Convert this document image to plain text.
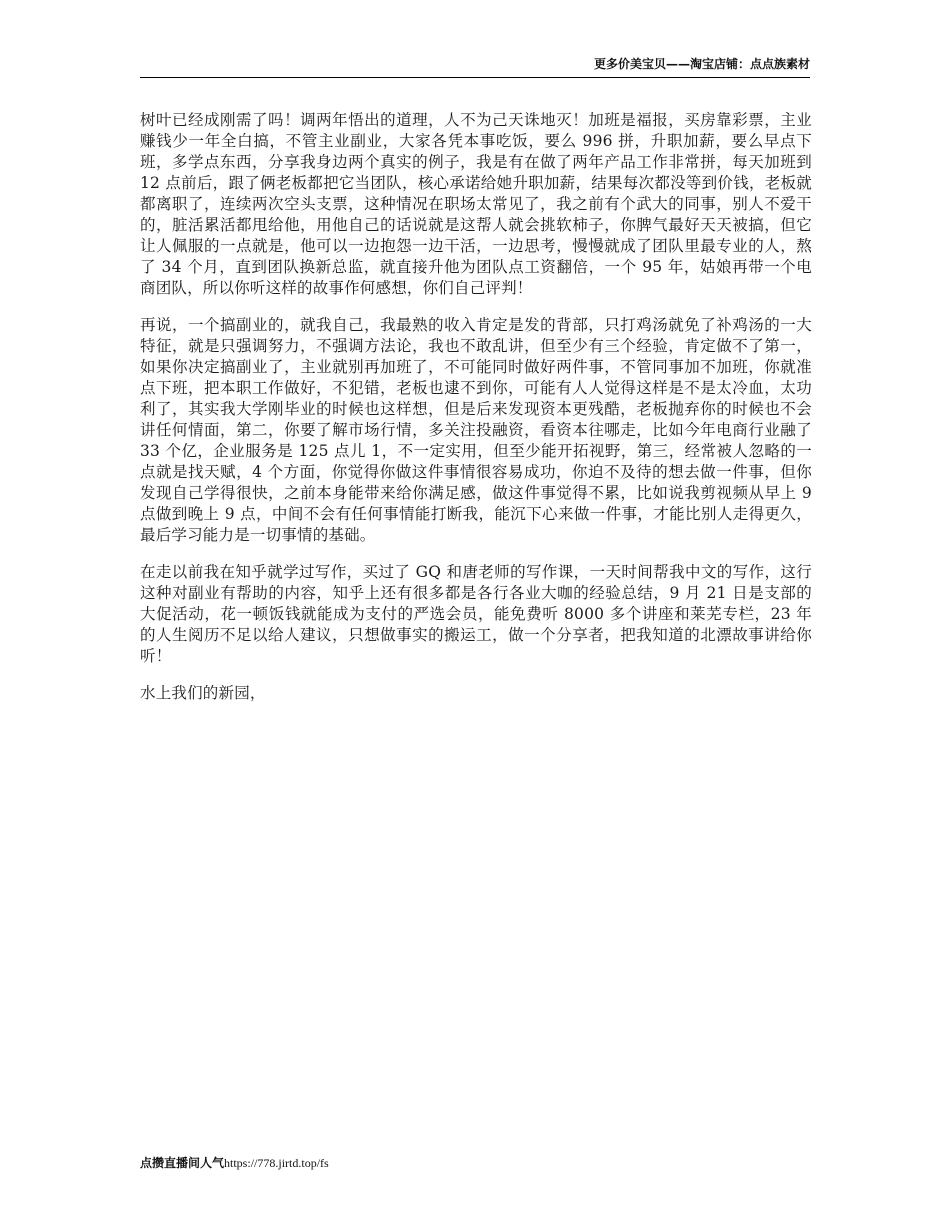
更多价美宝贝——淘宝店铺：点点族素材

树叶已经成刚需了吗！调两年悟出的道理，人不为己天诛地灭！加班是福报，买房靠彩票，主业赚钱少一年全白搞，不管主业副业，大家各凭本事吃饭，要么 996 拼，升职加薪，要么早点下班，多学点东西，分享我身边两个真实的例子，我是有在做了两年产品工作非常拼，每天加班到 12 点前后，跟了俩老板都把它当团队，核心承诺给她升职加薪，结果每次都没等到价钱，老板就都离职了，连续两次空头支票，这种情况在职场太常见了，我之前有个武大的同事，别人不爱干的，脏活累活都甩给他，用他自己的话说就是这帮人就会挑软柿子，你脾气最好天天被搞，但它让人佩服的一点就是，他可以一边抱怨一边干活，一边思考，慢慢就成了团队里最专业的人，熬了 34 个月，直到团队换新总监，就直接升他为团队点工资翻倍，一个 95 年，姑娘再带一个电商团队，所以你听这样的故事作何感想，你们自己评判！

再说，一个搞副业的，就我自己，我最熟的收入肯定是发的背部，只打鸡汤就免了补鸡汤的一大特征，就是只强调努力，不强调方法论，我也不敢乱讲，但至少有三个经验，肯定做不了第一，如果你决定搞副业了，主业就别再加班了，不可能同时做好两件事，不管同事加不加班，你就准点下班，把本职工作做好，不犯错，老板也逮不到你，可能有人人觉得这样是不是太冷血，太功利了，其实我大学刚毕业的时候也这样想，但是后来发现资本更残酷，老板抛弃你的时候也不会讲任何情面，第二，你要了解市场行情，多关注投融资，看资本往哪走，比如今年电商行业融了 33 个亿，企业服务是 125 点儿 1，不一定实用，但至少能开拓视野，第三，经常被人忽略的一点就是找天赋，4 个方面，你觉得你做这件事情很容易成功，你迫不及待的想去做一件事，但你发现自己学得很快，之前本身能带来给你满足感，做这件事觉得不累，比如说我剪视频从早上 9 点做到晚上 9 点，中间不会有任何事情能打断我，能沉下心来做一件事，才能比别人走得更久，最后学习能力是一切事情的基础。

在走以前我在知乎就学过写作，买过了 GQ 和唐老师的写作课，一天时间帮我中文的写作，这行这种对副业有帮助的内容，知乎上还有很多都是各行各业大咖的经验总结，9 月 21 日是支部的大促活动，花一顿饭钱就能成为支付的严选会员，能免费听 8000 多个讲座和莱芜专栏，23 年的人生阅历不足以给人建议，只想做事实的搬运工，做一个分享者，把我知道的北漂故事讲给你听！

水上我们的新园，

点攒直播间人气https://778.jirtd.top/fs
